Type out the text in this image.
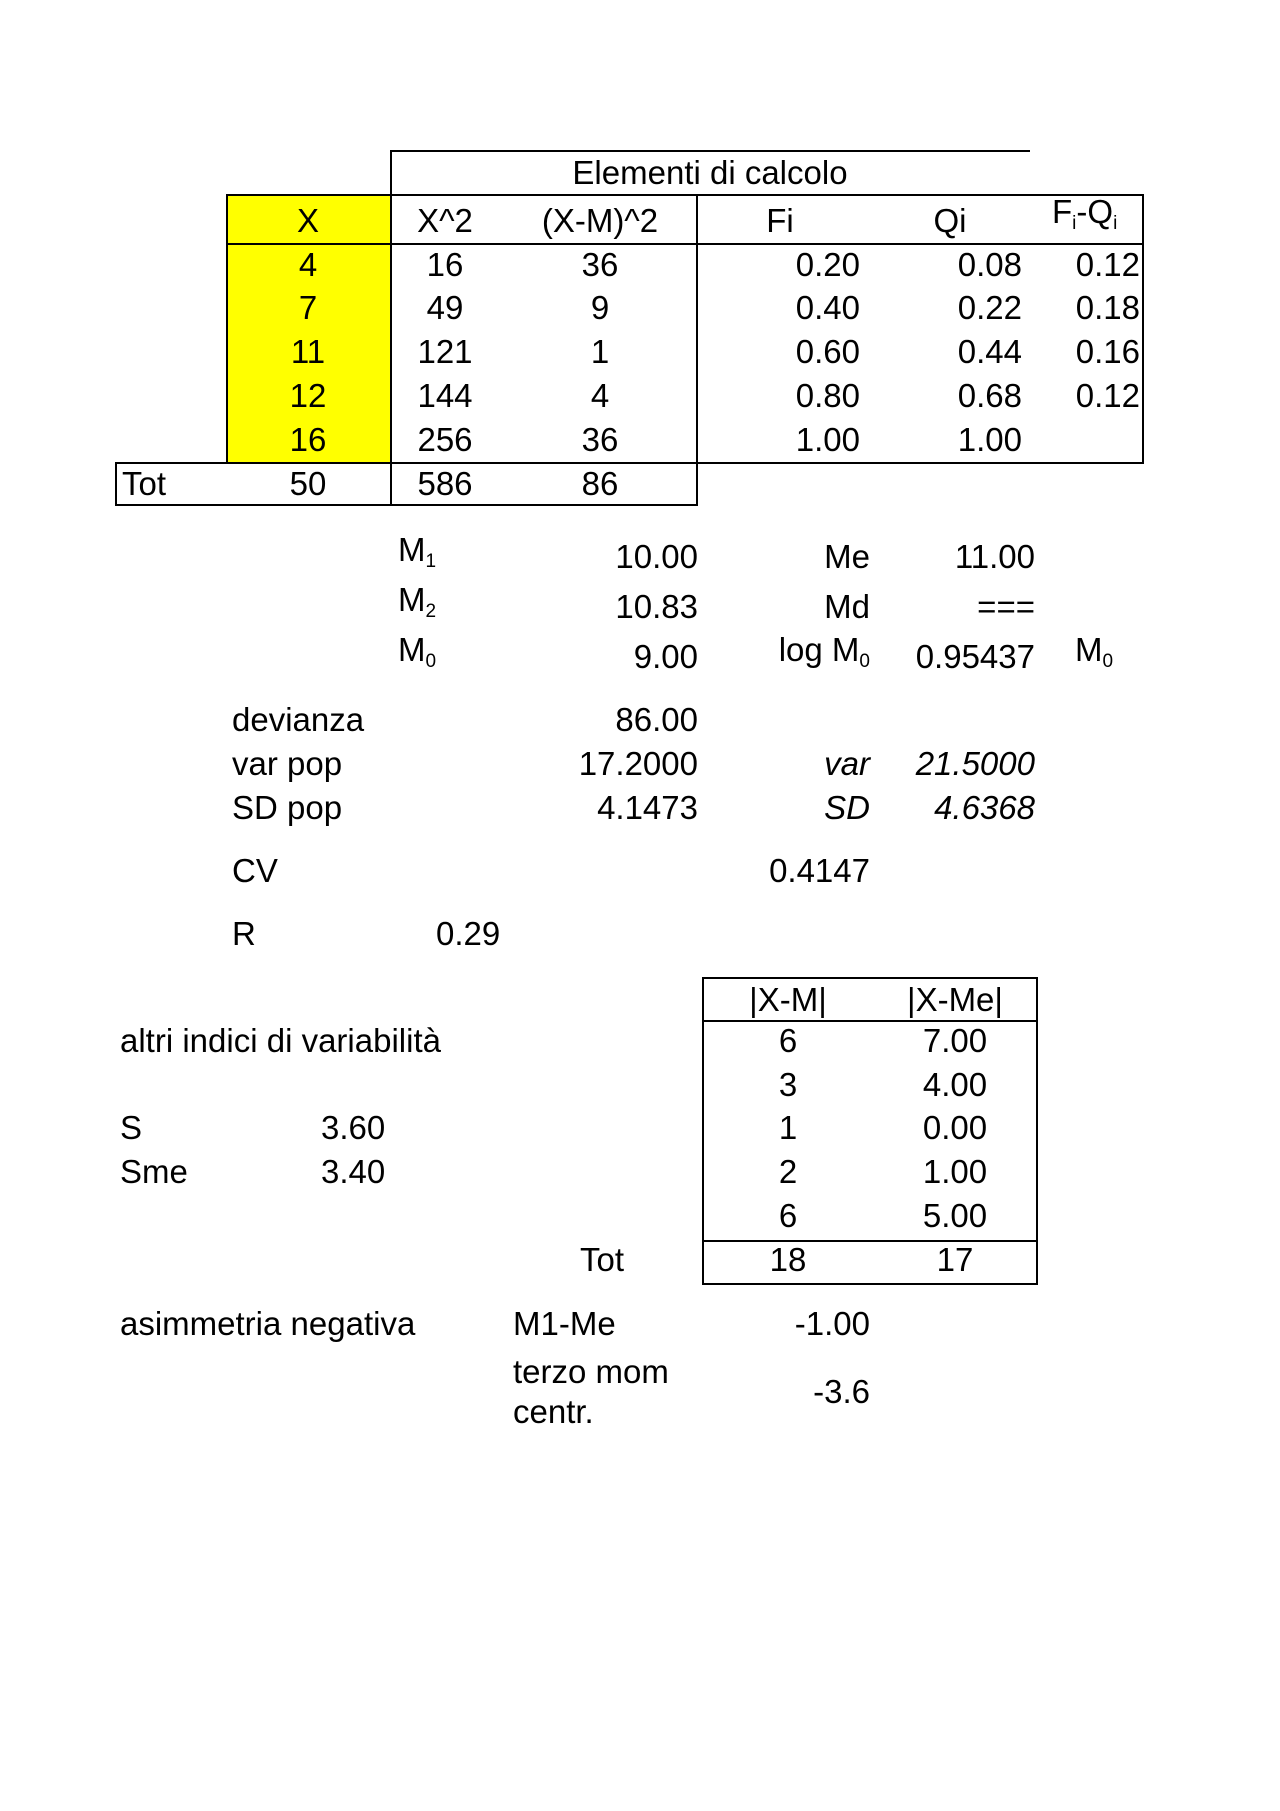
Elementi di calcolo
X	X^2	(X-M)^2	Fi	Qi	$F_i-Q_i$
4	16	36	0.20	0.08	0.12
7	49	9	0.40	0.22	0.18
11	121	1	0.60	0.44	0.16
12	144	4	0.80	0.68	0.12
16	256	36	1.00	1.00
Tot	50	586	86
$M_1$	10.00	Me	11.00
$M_2$	10.83	Md	===
$M_0$	9.00	$\log M_0$	0.95437 $M_0$
devianza	86.00
var pop	17.2000	var	21.5000
SD pop	4.1473	SD	4.6368
CV	0.4147
R	0.29
altri indici di variabilità
S	3.60
Sme	3.40
|X-M|	|X-Me|
6	7.00
3	4.00
1	0.00
2	1.00
6	5.00
Tot	18	17
asimmetria negativa	M1-Me	-1.00
terzo mom
centr.
-3.6
